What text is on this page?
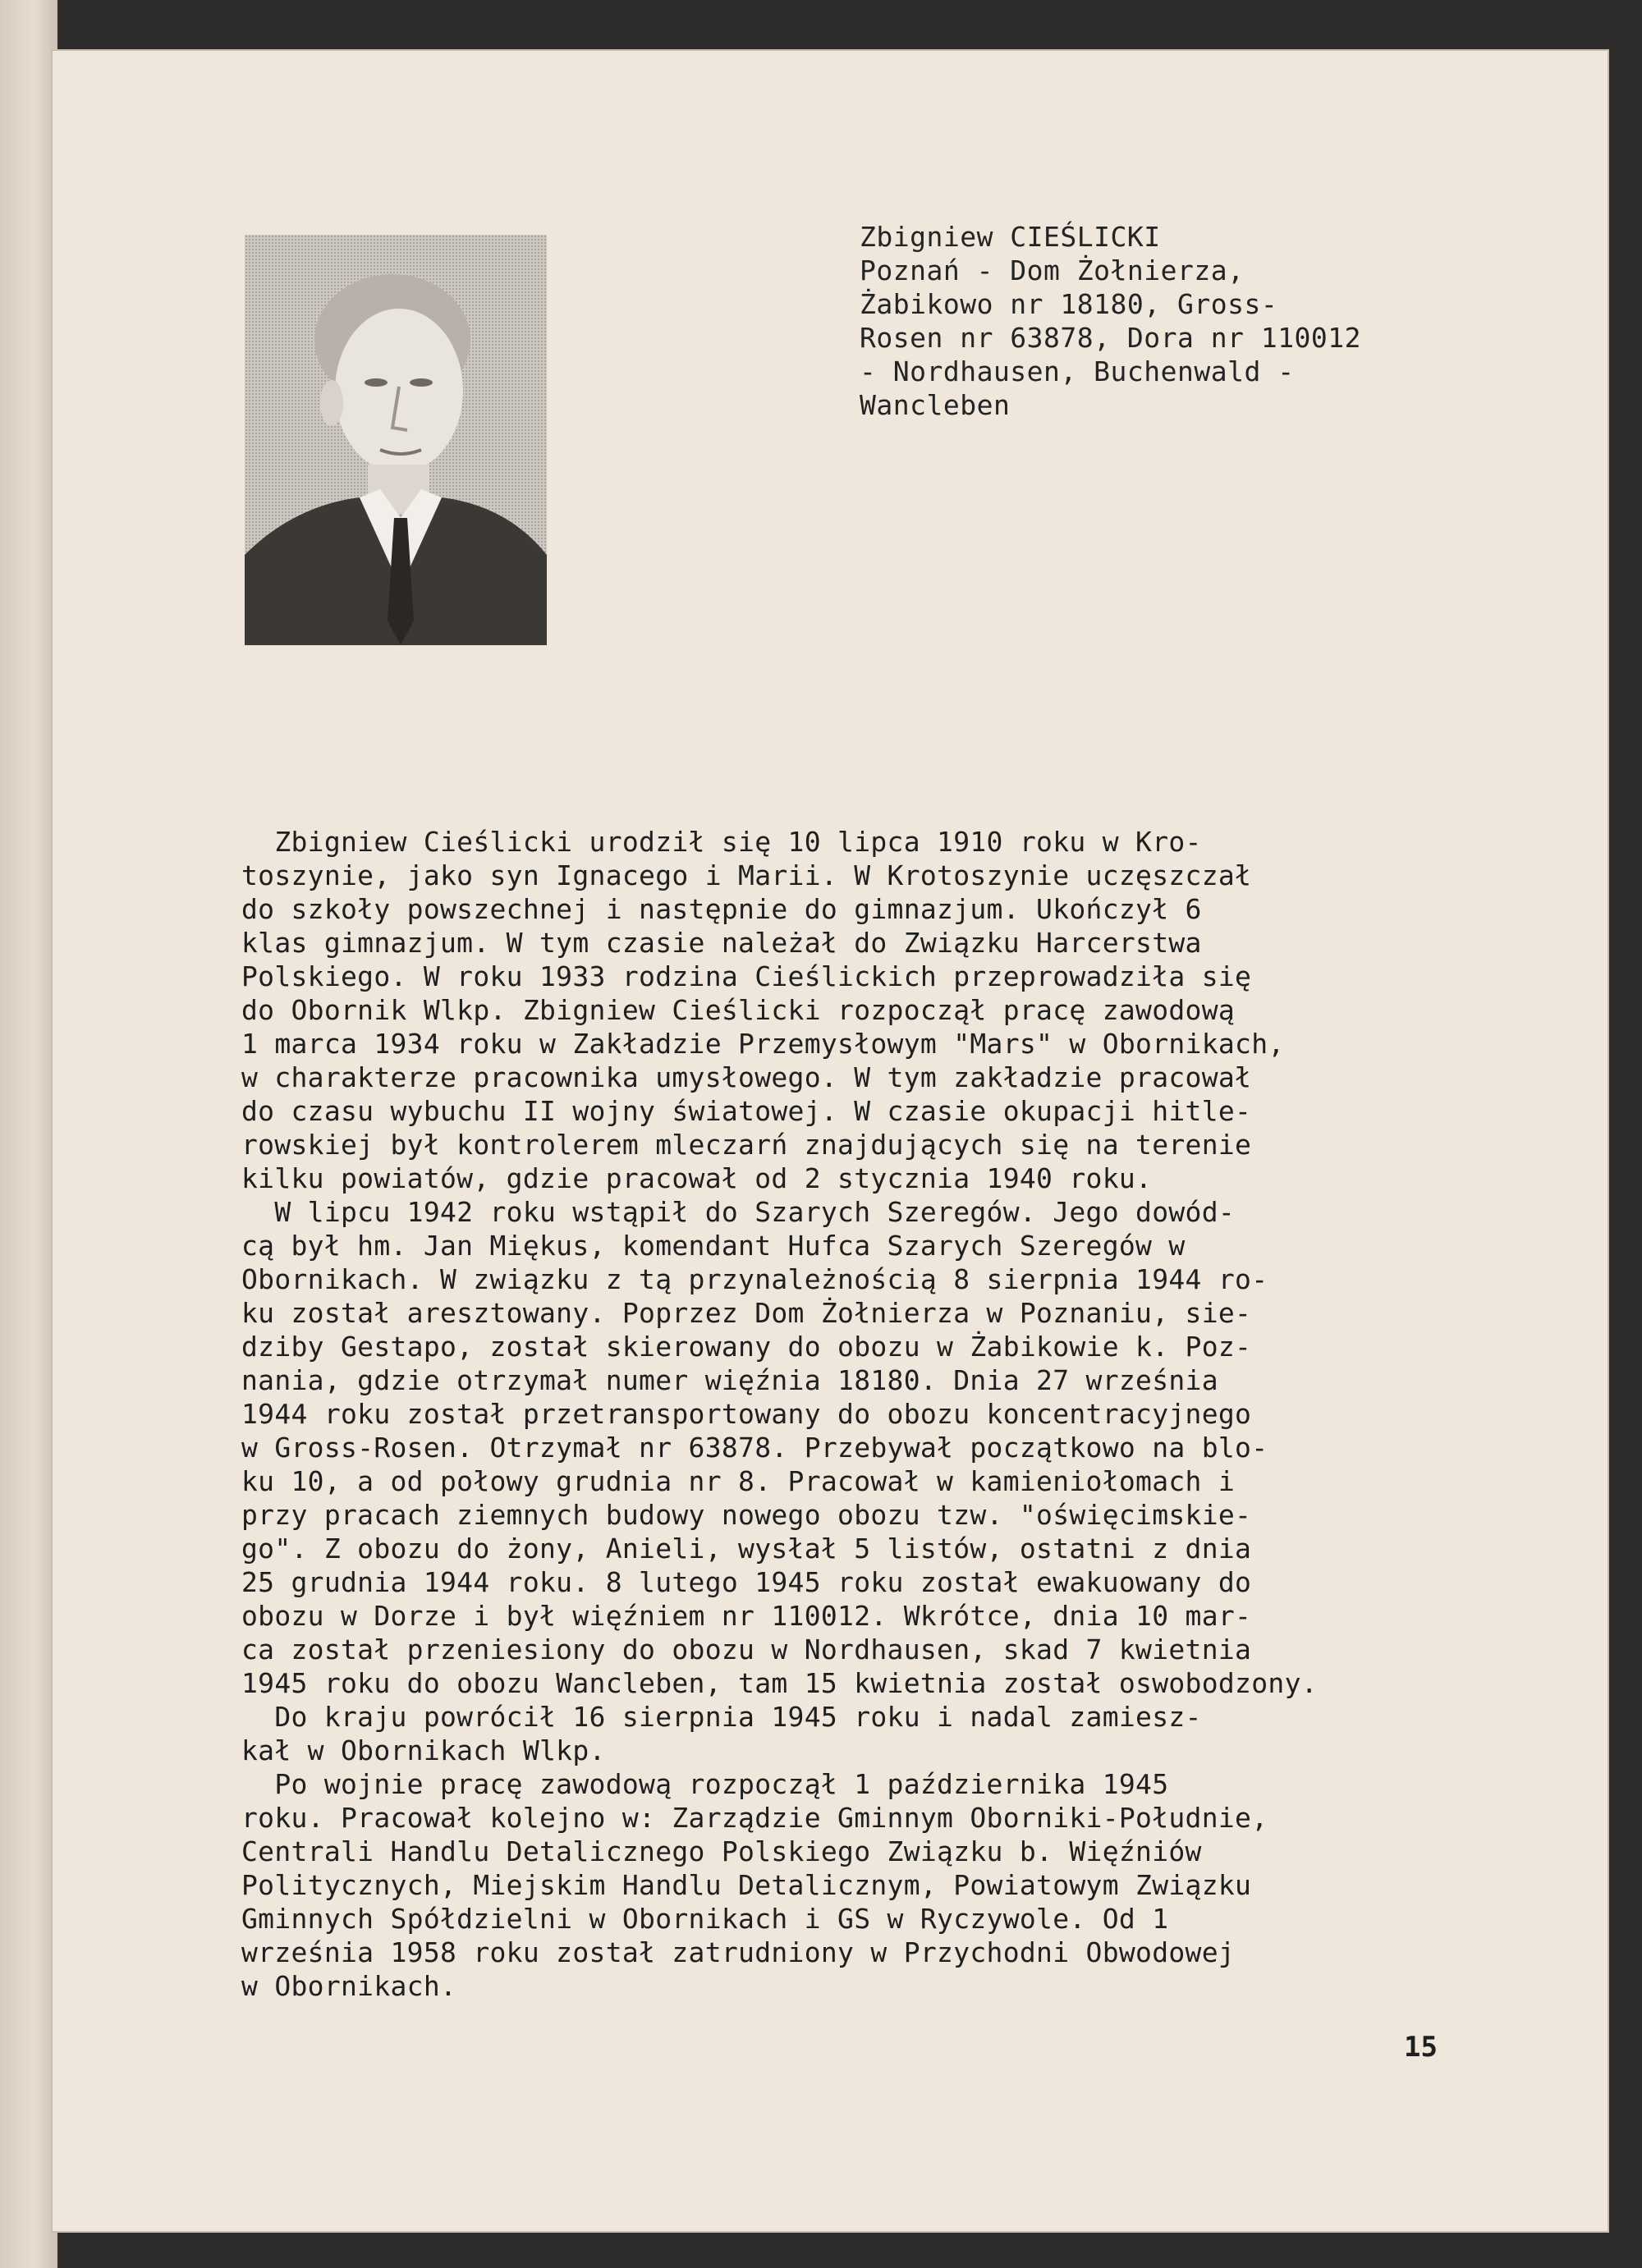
Zbigniew CIEŚLICKI
Poznań - Dom Żołnierza,
Żabikowo nr 18180, Gross-
Rosen nr 63878, Dora nr 110012
- Nordhausen, Buchenwald -
Wancleben
Zbigniew Cieślicki urodził się 10 lipca 1910 roku w Kro-
toszynie, jako syn Ignacego i Marii. W Krotoszynie uczęszczał
do szkoły powszechnej i następnie do gimnazjum. Ukończył 6
klas gimnazjum. W tym czasie należał do Związku Harcerstwa
Polskiego. W roku 1933 rodzina Cieślickich przeprowadziła się
do Obornik Wlkp. Zbigniew Cieślicki rozpoczął pracę zawodową
1 marca 1934 roku w Zakładzie Przemysłowym "Mars" w Obornikach,
w charakterze pracownika umysłowego. W tym zakładzie pracował
do czasu wybuchu II wojny światowej. W czasie okupacji hitle-
rowskiej był kontrolerem mleczarń znajdujących się na terenie
kilku powiatów, gdzie pracował od 2 stycznia 1940 roku.
W lipcu 1942 roku wstąpił do Szarych Szeregów. Jego dowód-
cą był hm. Jan Miękus, komendant Hufca Szarych Szeregów w
Obornikach. W związku z tą przynależnością 8 sierpnia 1944 ro-
ku został aresztowany. Poprzez Dom Żołnierza w Poznaniu, sie-
dziby Gestapo, został skierowany do obozu w Żabikowie k. Poz-
nania, gdzie otrzymał numer więźnia 18180. Dnia 27 września
1944 roku został przetransportowany do obozu koncentracyjnego
w Gross-Rosen. Otrzymał nr 63878. Przebywał początkowo na blo-
ku 10, a od połowy grudnia nr 8. Pracował w kamieniołomach i
przy pracach ziemnych budowy nowego obozu tzw. "oświęcimskie-
go". Z obozu do żony, Anieli, wysłał 5 listów, ostatni z dnia
25 grudnia 1944 roku. 8 lutego 1945 roku został ewakuowany do
obozu w Dorze i był więźniem nr 110012. Wkrótce, dnia 10 mar-
ca został przeniesiony do obozu w Nordhausen, skad 7 kwietnia
1945 roku do obozu Wancleben, tam 15 kwietnia został oswobodzony.
Do kraju powrócił 16 sierpnia 1945 roku i nadal zamiesz-
kał w Obornikach Wlkp.
Po wojnie pracę zawodową rozpoczął 1 października 1945
roku. Pracował kolejno w: Zarządzie Gminnym Oborniki-Południe,
Centrali Handlu Detalicznego Polskiego Związku b. Więźniów
Politycznych, Miejskim Handlu Detalicznym, Powiatowym Związku
Gminnych Spółdzielni w Obornikach i GS w Ryczywole. Od 1
września 1958 roku został zatrudniony w Przychodni Obwodowej
w Obornikach.
15
